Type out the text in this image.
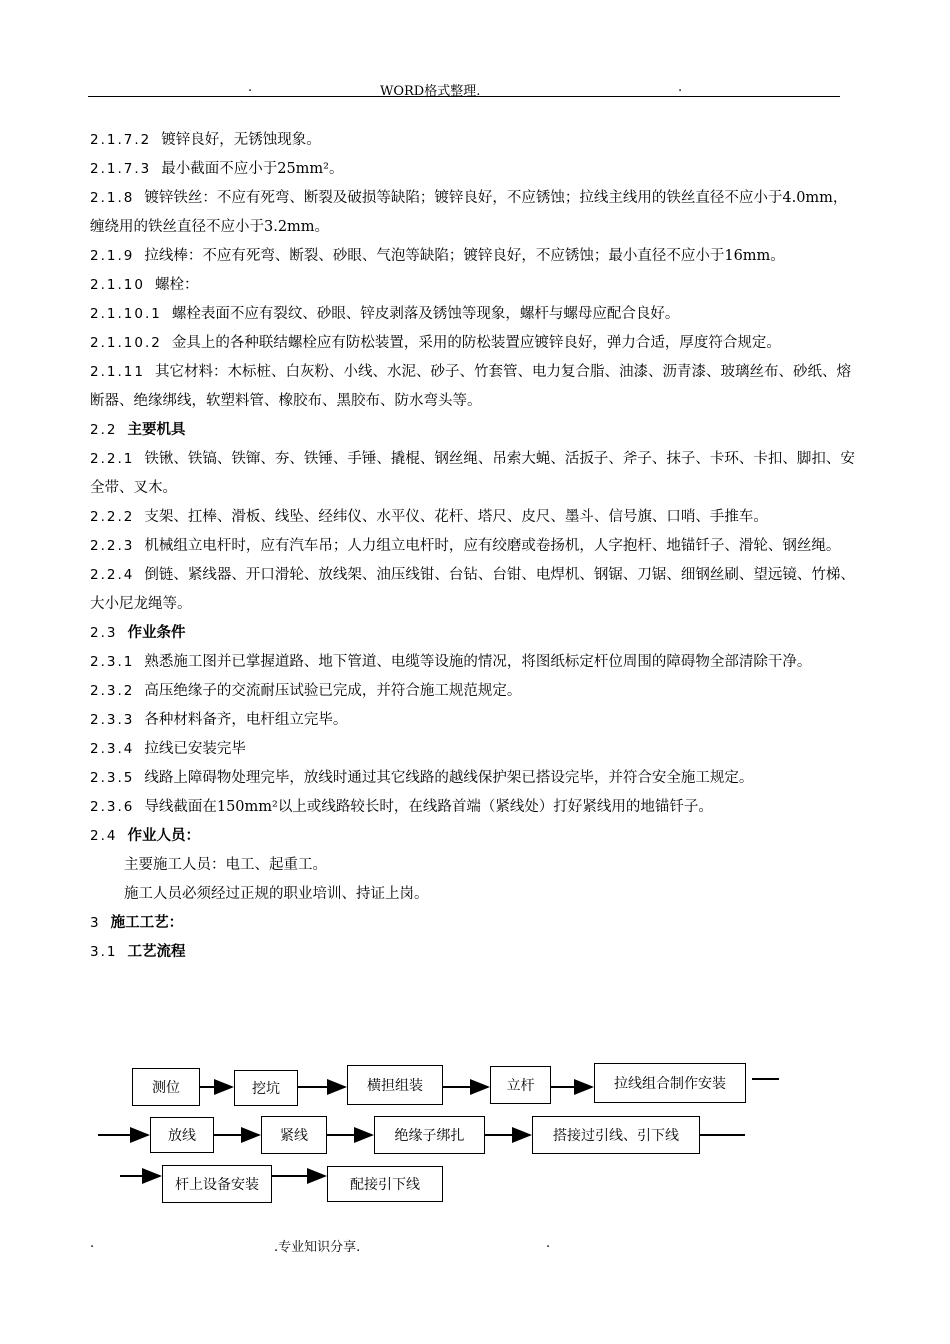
.	WORD格式整理.	.

2.1.7.2 镀锌良好，无锈蚀现象。

2.1.7.3 最小截面不应小于25mm²。

2.1.8 镀锌铁丝：不应有死弯、断裂及破损等缺陷；镀锌良好，不应锈蚀；拉线主线用的铁丝直径不应小于4.0mm，缠绕用的铁丝直径不应小于3.2mm。

2.1.9 拉线棒：不应有死弯、断裂、砂眼、气泡等缺陷；镀锌良好，不应锈蚀；最小直径不应小于16mm。

2.1.10 螺栓：

2.1.10.1 螺栓表面不应有裂纹、砂眼、锌皮剥落及锈蚀等现象，螺杆与螺母应配合良好。

2.1.10.2 金具上的各种联结螺栓应有防松装置，采用的防松装置应镀锌良好，弹力合适，厚度符合规定。

2.1.11 其它材料：木标桩、白灰粉、小线、水泥、砂子、竹套管、电力复合脂、油漆、沥青漆、玻璃丝布、砂纸、熔断器、绝缘绑线，软塑料管、橡胶布、黑胶布、防水弯头等。

2.2 主要机具

2.2.1 铁锹、铁镐、铁镩、夯、铁锤、手锤、撬棍、钢丝绳、吊索大蝇、活扳子、斧子、抹子、卡环、卡扣、脚扣、安全带、叉木。

2.2.2 支架、扛棒、滑板、线坠、经纬仪、水平仪、花杆、塔尺、皮尺、墨斗、信号旗、口哨、手推车。

2.2.3 机械组立电杆时，应有汽车吊；人力组立电杆时，应有绞磨或卷扬机，人字抱杆、地锚钎子、滑轮、钢丝绳。

2.2.4 倒链、紧线器、开口滑轮、放线架、油压线钳、台钻、台钳、电焊机、钢锯、刀锯、细钢丝刷、望远镜、竹梯、大小尼龙绳等。

2.3 作业条件

2.3.1 熟悉施工图并已掌握道路、地下管道、电缆等设施的情况，将图纸标定杆位周围的障碍物全部清除干净。

2.3.2 高压绝缘子的交流耐压试验已完成，并符合施工规范规定。

2.3.3 各种材料备齐，电杆组立完毕。

2.3.4 拉线已安装完毕

2.3.5 线路上障碍物处理完毕，放线时通过其它线路的越线保护架已搭设完毕，并符合安全施工规定。

2.3.6 导线截面在150mm²以上或线路较长时，在线路首端（紧线处）打好紧线用的地锚钎子。

2.4 作业人员：

主要施工人员：电工、起重工。

施工人员必须经过正规的职业培训、持证上岗。

3 施工工艺：

3.1 工艺流程

测位	挖坑	横担组装	立杆	拉线组合制作安装
放线	紧线	绝缘子绑扎	搭接过引线、引下线
杆上设备安装	配接引下线
.	.专业知识分享.	.
